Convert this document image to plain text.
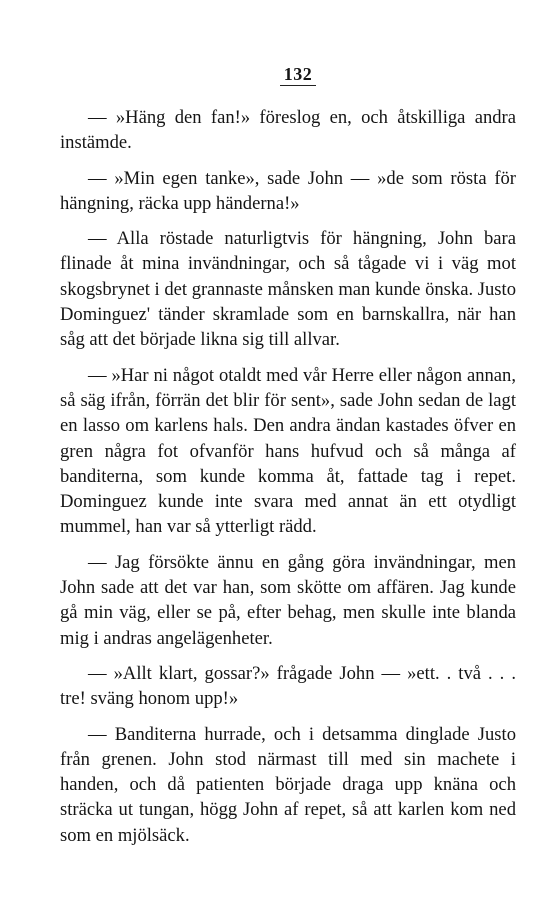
132

— »Häng den fan!» föreslog en, och åtskilliga andra instämde.

— »Min egen tanke», sade John — »de som rösta för hängning, räcka upp händerna!»

— Alla röstade naturligtvis för hängning, John bara flinade åt mina invändningar, och så tågade vi i väg mot skogsbrynet i det grannaste månsken man kunde önska. Justo Dominguez' tänder skramlade som en barnskallra, när han såg att det började likna sig till allvar.

— »Har ni något otaldt med vår Herre eller någon annan, så säg ifrån, förrän det blir för sent», sade John sedan de lagt en lasso om karlens hals. Den andra ändan kastades öfver en gren några fot ofvanför hans hufvud och så många af banditerna, som kunde komma åt, fattade tag i repet. Dominguez kunde inte svara med annat än ett otydligt mummel, han var så ytterligt rädd.

— Jag försökte ännu en gång göra invändningar, men John sade att det var han, som skötte om affären. Jag kunde gå min väg, eller se på, efter behag, men skulle inte blanda mig i andras angelägenheter.

— »Allt klart, gossar?» frågade John — »ett. . två . . . tre! sväng honom upp!»

— Banditerna hurrade, och i detsamma dinglade Justo från grenen. John stod närmast till med sin machete i handen, och då patienten började draga upp knäna och sträcka ut tungan, högg John af repet, så att karlen kom ned som en mjölsäck.
